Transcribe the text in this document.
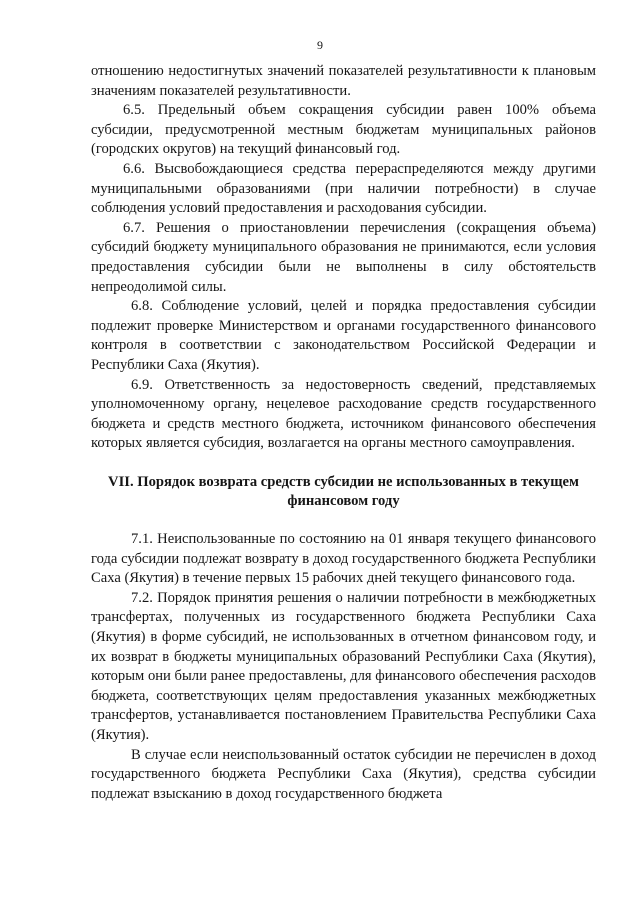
9

отношению недостигнутых значений показателей результативности к плановым значениям показателей результативности.

6.5. Предельный объем сокращения субсидии равен 100% объема субсидии, предусмотренной местным бюджетам муниципальных районов (городских округов) на текущий финансовый год.

6.6. Высвобождающиеся средства перераспределяются между другими муниципальными образованиями (при наличии потребности) в случае соблюдения условий предоставления и расходования субсидии.

6.7. Решения о приостановлении перечисления (сокращения объема) субсидий бюджету муниципального образования не принимаются, если условия предоставления субсидии были не выполнены в силу обстоятельств непреодолимой силы.

6.8. Соблюдение условий, целей и порядка предоставления субсидии подлежит проверке Министерством и органами государственного финансового контроля в соответствии с законодательством Российской Федерации и Республики Саха (Якутия).

6.9. Ответственность за недостоверность сведений, представляемых уполномоченному органу, нецелевое расходование средств государственного бюджета и средств местного бюджета, источником финансового обеспечения которых является субсидия, возлагается на органы местного самоуправления.

VII. Порядок возврата средств субсидии не использованных в текущем финансовом году

7.1. Неиспользованные по состоянию на 01 января текущего финансового года субсидии подлежат возврату в доход государственного бюджета Республики Саха (Якутия) в течение первых 15 рабочих дней текущего финансового года.

7.2. Порядок принятия решения о наличии потребности в межбюджетных трансфертах, полученных из государственного бюджета Республики Саха (Якутия) в форме субсидий, не использованных в отчетном финансовом году, и их возврат в бюджеты муниципальных образований Республики Саха (Якутия), которым они были ранее предоставлены, для финансового обеспечения расходов бюджета, соответствующих целям предоставления указанных межбюджетных трансфертов, устанавливается постановлением Правительства Республики Саха (Якутия).

В случае если неиспользованный остаток субсидии не перечислен в доход государственного бюджета Республики Саха (Якутия), средства субсидии подлежат взысканию в доход государственного бюджета
